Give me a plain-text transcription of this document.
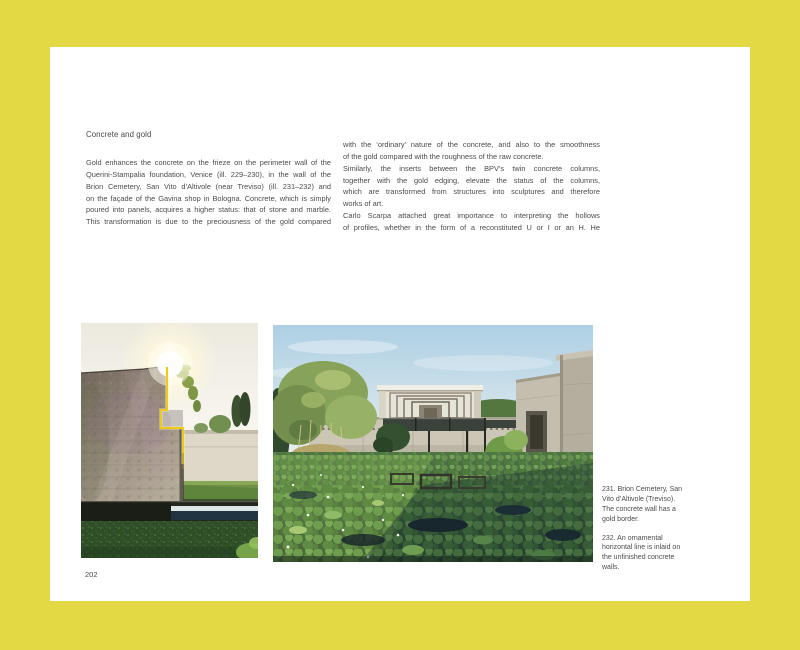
Concrete and gold
Gold enhances the concrete on the frieze on the perimeter wall of the
Querini-Stampalia foundation, Venice (ill. 229–230), in the wall of the
Brion Cemetery, San Vito d’Altivole (near Treviso) (ill. 231–232) and
on the façade of the Gavina shop in Bologna. Concrete, which is simply
poured into panels, acquires a higher status: that of stone and marble.
This transformation is due to the preciousness of the gold compared
with the ‘ordinary’ nature of the concrete, and also to the smoothness
of the gold compared with the roughness of the raw concrete.
Similarly, the inserts between the BPV’s twin concrete columns,
together with the gold edging, elevate the status of the columns,
which are transformed from structures into sculptures and therefore
works of art.
Carlo Scarpa attached great importance to interpreting the hollows
of profiles, whether in the form of a reconstituted U or I or an H. He
231. Brion Cemetery, San
Vito d’Altivole (Treviso).
The concrete wall has a
gold border.
232. An ornamental
horizontal line is inlaid on
the unfinished concrete
walls.
202
